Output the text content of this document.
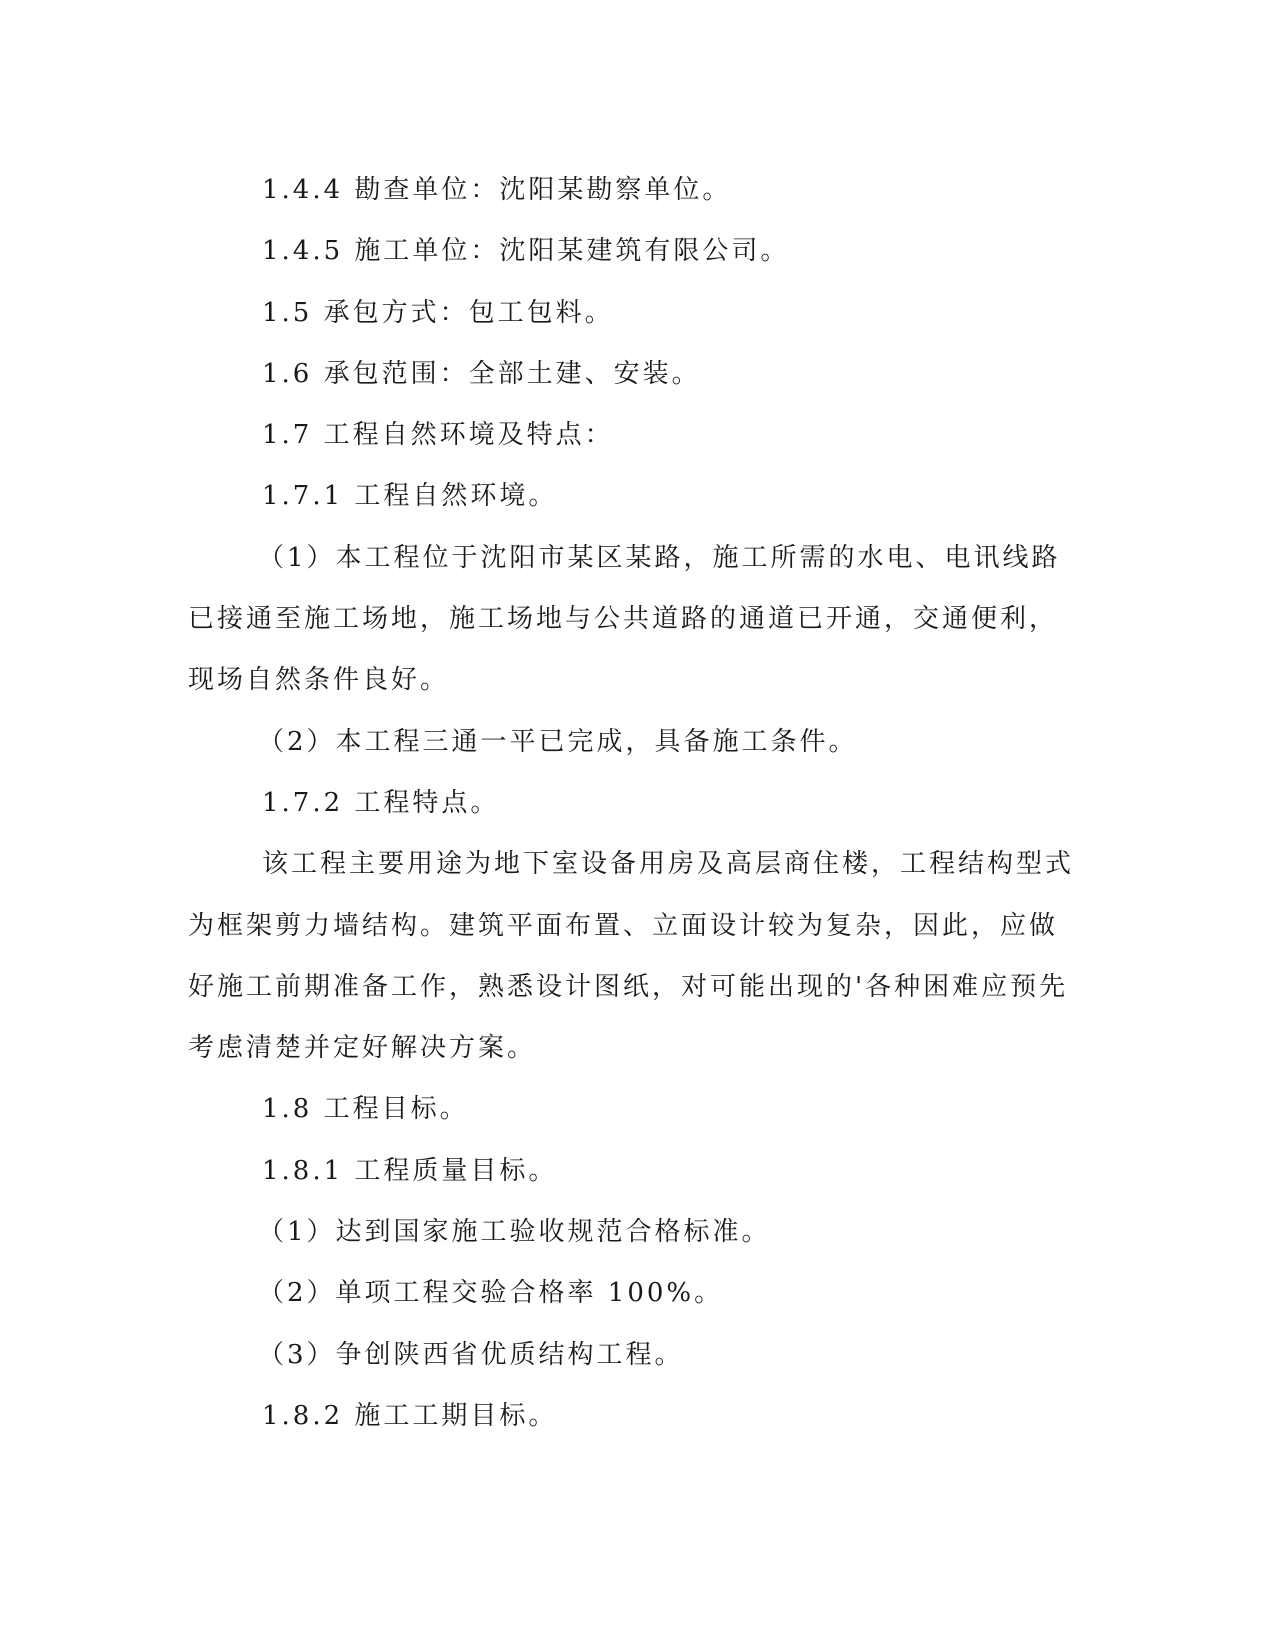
1.4.4 勘查单位：沈阳某勘察单位。
1.4.5 施工单位：沈阳某建筑有限公司。
1.5 承包方式：包工包料。
1.6 承包范围：全部土建、安装。
1.7 工程自然环境及特点：
1.7.1 工程自然环境。
（1）本工程位于沈阳市某区某路，施工所需的水电、电讯线路
已接通至施工场地，施工场地与公共道路的通道已开通，交通便利，
现场自然条件良好。
（2）本工程三通一平已完成，具备施工条件。
1.7.2 工程特点。
该工程主要用途为地下室设备用房及高层商住楼，工程结构型式
为框架剪力墙结构。建筑平面布置、立面设计较为复杂，因此，应做
好施工前期准备工作，熟悉设计图纸，对可能出现的'各种困难应预先
考虑清楚并定好解决方案。
1.8 工程目标。
1.8.1 工程质量目标。
（1）达到国家施工验收规范合格标准。
（2）单项工程交验合格率 100%。
（3）争创陕西省优质结构工程。
1.8.2 施工工期目标。
